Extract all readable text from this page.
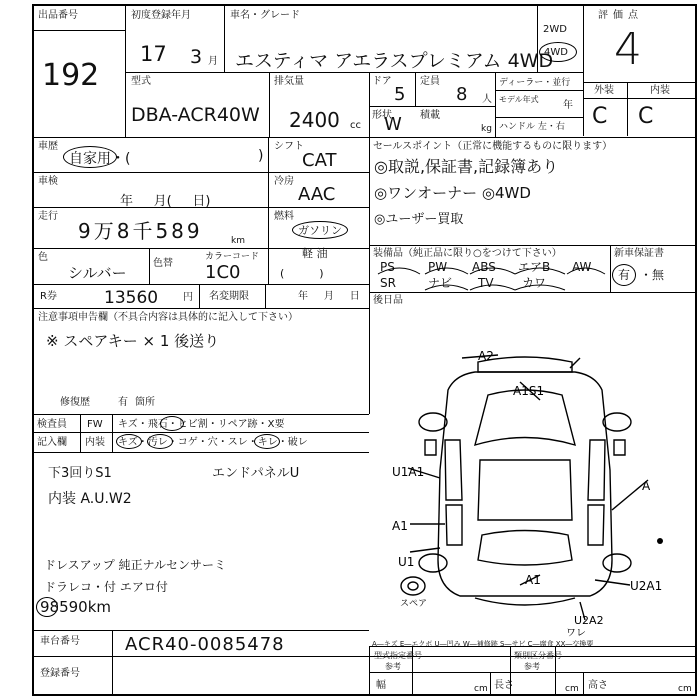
出品番号
192
初度登録年月
17 3 月
車名・グレード
エスティマ アエラスプレミアム 4WD
2WD
4WD
評価点
4
型式
DBA-ACR40W
排気量
2400 cc
ドア
5
定員
8 人
形状
W 積載
kg
ディーラー・並行
モデル年式
年
ハンドル 左・右
外装	内装
C C
車歴
自家用・(	)
シフト
CAT
車検
年     月(     日)
冷房
AAC
走行
9万8千589	km
燃料
ガソリン
軽 油
(          )
色
シルバー
色替
カラーコード
1C0
R券	13560 円 名変期限	年     月     日
セールスポイント（正常に機能するものに限ります）
◎取説,保証書,記録簿あり
◎ワンオーナー ◎4WD
◎ユーザー買取
装備品（純正品に限り○をつけて下さい）
PS	PW ABS エアB AW
SR	ナビ TV カワ
新車保証書
有 ・無
後日品
注意事項申告欄（不具合内容は具体的に記入して下さい）
※ スペアキー × 1 後送り
修復歴	有 箇所
検査員
記入欄
FW キズ・飛石・ヒビ割・リペア跡・X要
内装 キズ・汚レ・コゲ・穴・スレ・キレ・破レ
下3回りS1
内装 A.U.W2
エンドパネルU
ドレスアップ 純正ナルセンサーミ
ドラレコ・付 エアロ付
98590km
A2
A1S1
U1A1
A1
A
U1
A1	U2A1
U2A2
ワレ
スペア
A―キズ E―エクボ U―凹み W―補修跡 S―サビ C―腐食 XX―交換要
車台番号	ACR40-0085478
登録番号
型式指定番号
参考
類別区分番号
参考
幅	cm 長さ	cm 高さ	cm
